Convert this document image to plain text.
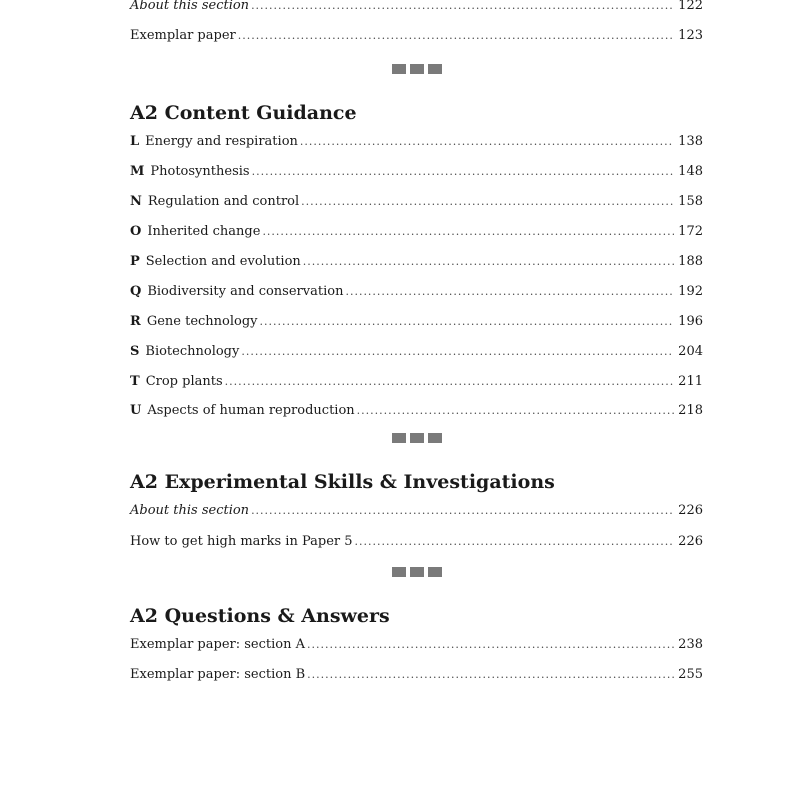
About this section .....	122
Exemplar paper .....	123
A2 Content Guidance
L Energy and respiration .....	138
M Photosynthesis .....	148
N Regulation and control .....	158
O Inherited change .....	172
P Selection and evolution .....	188
Q Biodiversity and conservation .....	192
R Gene technology .....	196
S Biotechnology .....	204
T Crop plants .....	211
U Aspects of human reproduction .....	218
A2 Experimental Skills & Investigations
About this section .....	226
How to get high marks in Paper 5 .....	226
A2 Questions & Answers
Exemplar paper: section A .....	238
Exemplar paper: section B .....	255
